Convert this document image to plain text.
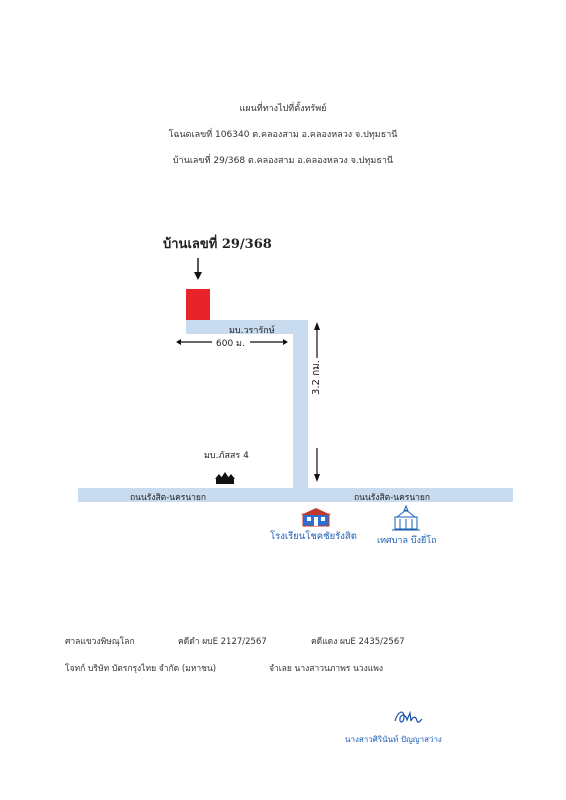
แผนที่ทางไปที่ตั้งทรัพย์
โฉนดเลขที่ 106340 ต.คลองสาม อ.คลองหลวง จ.ปทุมธานี
บ้านเลขที่ 29/368 ต.คลองสาม อ.คลองหลวง จ.ปทุมธานี
บ้านเลขที่ 29/368
มบ.วรารักษ์
600 ม.
3.2 กม.
มบ.ภัสสร 4
ถนนรังสิต-นครนายก	ถนนรังสิต-นครนายก
โรงเรียนโชคชัยรังสิต เทศบาล บึงยี่โถ
ศาลแขวงพิษณุโลก	คดีดำ ผบE 2127/2567	คดีแดง ผบE 2435/2567
โจทก์ บริษัท บัตรกรุงไทย จำกัด (มหาชน)	จำเลย นางสาวนภาพร นวงแพง
นางสาวศิรินันท์ ปัญญาสว่าง
